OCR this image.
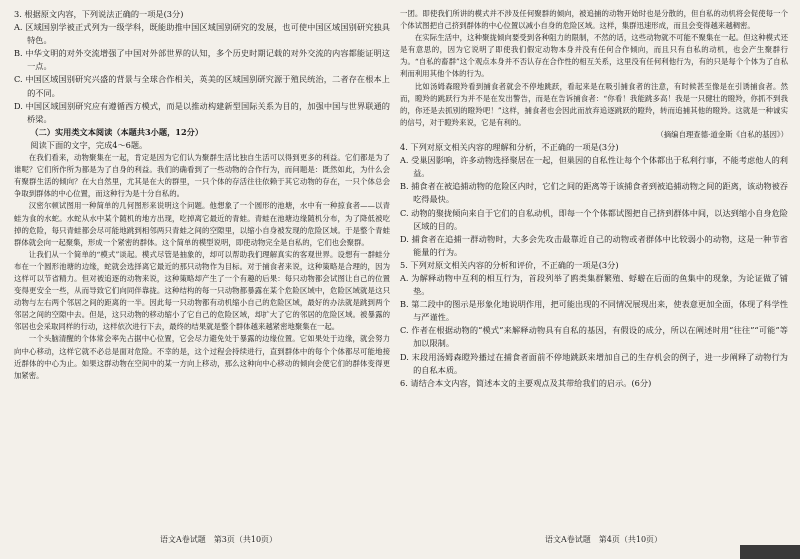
3. 根据原文内容，下列说法正确的一项是(3分)

A. 区域国别学被正式列为一级学科，既能助推中国区域国别研究的发展，也可使中国区域国别研究独具特色。

B. 中华文明的对外交流增强了中国对外部世界的认知，多个历史时期记载的对外交流的内容都能证明这一点。

C. 中国区域国别研究兴盛的背景与全球合作相关，英美的区域国别研究源于殖民统治，二者存在根本上的不同。

D. 中国区域国别研究应有遵循西方模式，而是以推动构建新型国际关系为目的，加强中国与世界联通的桥梁。

（二）实用类文本阅读（本题共3小题，12分）

阅读下面的文字，完成4～6题。

在我们看来，动物聚集在一起，肯定是因为它们认为聚群生活比独自生活可以得到更多的利益。它们都是为了谁呢？它们所作所为都是为了自身的利益。我们的确看到了一些动物的合作行为，而问题是：既然如此，为什么会有聚群生活的倾向？在大自然里，尤其是在大的群里，一只个体的存活往往依赖于其它动物的存在，一只个体总会争取到群体的中心位置，而这种行为是十分自私的。

汉密尔顿试图用一种简单的几何图形来说明这个问题。他想象了一个圆形的池塘，水中有一种掠食者——以青蛙为食的水蛇。水蛇从水中某个随机的地方出现，吃掉离它最近的青蛙。青蛙在池塘边缘随机分布，为了降低被吃掉的危险，每只青蛙都会尽可能地跳到相邻两只青蛙之间的空隙里，以缩小自身被发现的危险区域。于是整个青蛙群体就会向一起聚集，形成一个紧密的群体。这个简单的模型说明，即使动物完全是自私的，它们也会聚群。

让我们从一个简单的“模式”谈起。模式尽管是抽象的，却可以帮助我们理解真实的客观世界。设想有一群蛙分布在一个圆形池塘的边缘，蛇就会选择离它最近的那只动物作为目标。对于捕食者来说，这种策略是合理的，因为这样可以节省精力。但对被追逐的动物来说，这种策略却产生了一个有趣的后果：每只动物都会试图让自己的位置变得更安全一些，从而导致它们向同伴靠拢。这种结构的每一只动物都暴露在某个危险区域中，危险区域就是这只动物与左右两个邻居之间的距离的一半。因此每一只动物都有动机缩小自己的危险区域，最好的办法就是跳到两个邻居之间的空隙中去。但是，这只动物的移动缩小了它自己的危险区域，却扩大了它的邻居的危险区域。被暴露的邻居也会采取同样的行动，这样依次进行下去，最终的结果就是整个群体越来越紧密地聚集在一起。

一个头脑清醒的个体常会率先占据中心位置，它会尽力避免处于暴露的边缘位置。它如果处于边缘，就会努力向中心移动，这样它就不必总是面对危险。不幸的是，这个过程会持续进行，直到群体中的每个个体都尽可能地接近群体的中心为止。如果这群动物在空间中的某一方向上移动，那么这种向中心移动的倾向会使它们的群体变得更加紧密。

一团。即使我们所讲的模式并不涉及任何聚群的倾向，被追捕的动物开始时也是分散的，但自私的动机将会促使每一个个体试图把自己挤到群体的中心位置以减小自身的危险区域。这样，集群迅速形成，而且会变得越来越稠密。

在实际生活中，这种聚拢倾向要受到各种阻力的限制，不然的话，这些动物就不可能不聚集在一起。但这种模式还是有意思的，因为它说明了即使我们假定动物本身并没有任何合作倾向，而且只有自私的动机，也会产生聚群行为。“自私的畜群”这个观点本身并不否认存在合作性的相互关系，这里没有任何利他行为，有的只是每个个体为了自私利而利用其他个体的行为。

比如汤姆森瞪羚看到捕食者就会不停地跳跃，看起来是在吸引捕食者的注意，有时候甚至像是在引诱捕食者。然而，瞪羚的跳跃行为并不是在发出警告，而是在告诉捕食者：“你看！我能跳多高！我是一只健壮的瞪羚，你抓不到我的，你还是去抓别的瞪羚吧！”这样，捕食者也会因此而放弃追逐跳跃的瞪羚，转而追捕其他的瞪羚。这就是一种诚实的信号，对于瞪羚来说，它是有利的。

（摘编自理查德·道金斯《自私的基因》）

4. 下列对原文相关内容的理解和分析，不正确的一项是(3分)

A. 受巢因影响，许多动物选择聚居在一起，但巢因的自私性让每个个体都出于私利行事，不能考虑他人的利益。

B. 捕食者在被追捕动物的危险区内时，它们之间的距离等于该捕食者到被追捕动物之间的距离，该动物被吞吃得最快。

C. 动物的聚拢倾向来自于它们的自私动机，即每一个个体都试图把自己挤到群体中间，以达到缩小自身危险区域的目的。

D. 捕食者在追捕一群动物时，大多会先攻击最靠近自己的动物或者群体中比较弱小的动物，这是一种节省能量的行为。

5. 下列对原文相关内容的分析和评价，不正确的一项是(3分)

A. 为解释动物中互利的相互行为，首段列举了鸥类集群繁殖、蜉蝣在后面的鱼集中的现象，为论证做了铺垫。

B. 第二段中的图示是形象化地说明作用，把可能出现的不同情况展现出来，使表意更加全面，体现了科学性与严谨性。

C. 作者在根据动物的“模式”来解释动物具有自私的基因，有假设的成分，所以在阐述时用“往往”“可能”等加以限制。

D. 末段用汤姆森瞪羚播过在捕食者面前不停地跳跃来增加自己的生存机会的例子，进一步阐释了动物行为的自私本质。

6. 请结合本文内容，简述本文的主要观点及其带给我们的启示。(6分)

语文A卷试题　第3页（共10页）	语文A卷试题　第4页（共10页）
